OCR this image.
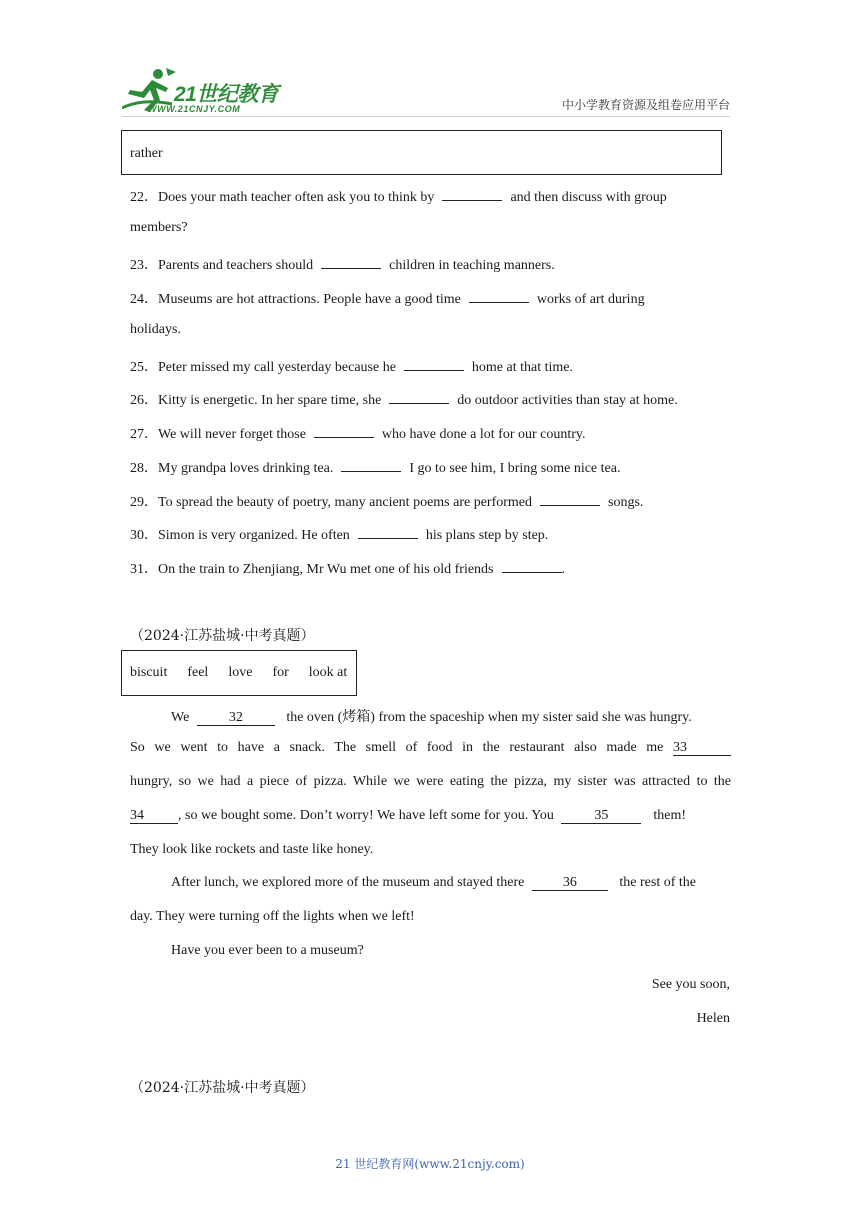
21世纪教育
WWW.21CNJY.COM	中小学教育资源及组卷应用平台
rather
22．Does your math teacher often ask you to think by	and then discuss with group
members?
23．Parents and teachers should	children in teaching manners.
24．Museums are hot attractions. People have a good time	works of art during
holidays.
25．Peter missed my call yesterday because he	home at that time.
26．Kitty is energetic. In her spare time, she	do outdoor activities than stay at home.
27．We will never forget those	who have done a lot for our country.
28．My grandpa loves drinking tea.	I go to see him, I bring some nice tea.
29．To spread the beauty of poetry, many ancient poems are performed	songs.
30．Simon is very organized. He often	his plans step by step.
31．On the train to Zhenjiang, Mr Wu met one of his old friends	.
（2024·江苏盐城·中考真题）
biscuit feel love for look at
We	32	the oven (烤箱) from the spaceship when my sister said she was hungry.
So we went to have a snack. The smell of food in the restaurant also made me 33
hungry, so we had a piece of pizza. While we were eating the pizza, my sister was attracted to the
34 , so we bought some. Don’t worry! We have left some for you. You	35	them!
They look like rockets and taste like honey.
After lunch, we explored more of the museum and stayed there	36	the rest of the
day. They were turning off the lights when we left!
Have you ever been to a museum?
See you soon,
Helen
（2024·江苏盐城·中考真题）
21 世纪教育网(www.21cnjy.com)
